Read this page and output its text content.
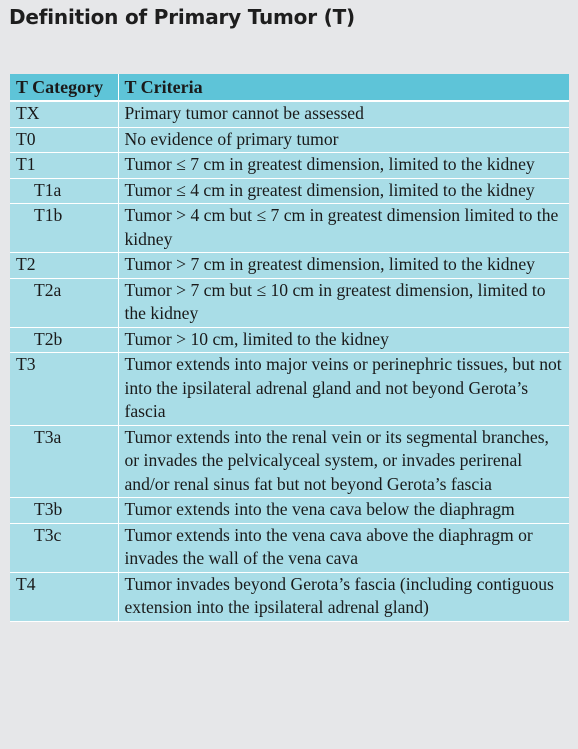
Definition of Primary Tumor (T)
T Category	T Criteria
TX	Primary tumor cannot be assessed
T0	No evidence of primary tumor
T1	Tumor ≤ 7 cm in greatest dimension, limited to the kidney
T1a	Tumor ≤ 4 cm in greatest dimension, limited to the kidney
T1b	Tumor > 4 cm but ≤ 7 cm in greatest dimension limited to the kidney
T2	Tumor > 7 cm in greatest dimension, limited to the kidney
T2a	Tumor > 7 cm but ≤ 10 cm in greatest dimension, limited to the kidney
T2b	Tumor > 10 cm, limited to the kidney
T3	Tumor extends into major veins or perinephric tissues, but not into the ipsilateral adrenal gland and not beyond Gerota’s fascia
T3a	Tumor extends into the renal vein or its segmental branches, or invades the pelvicalyceal system, or invades perirenal and/or renal sinus fat but not beyond Gerota’s fascia
T3b	Tumor extends into the vena cava below the diaphragm
T3c	Tumor extends into the vena cava above the diaphragm or invades the wall of the vena cava
T4	Tumor invades beyond Gerota’s fascia (including contiguous extension into the ipsilateral adrenal gland)
